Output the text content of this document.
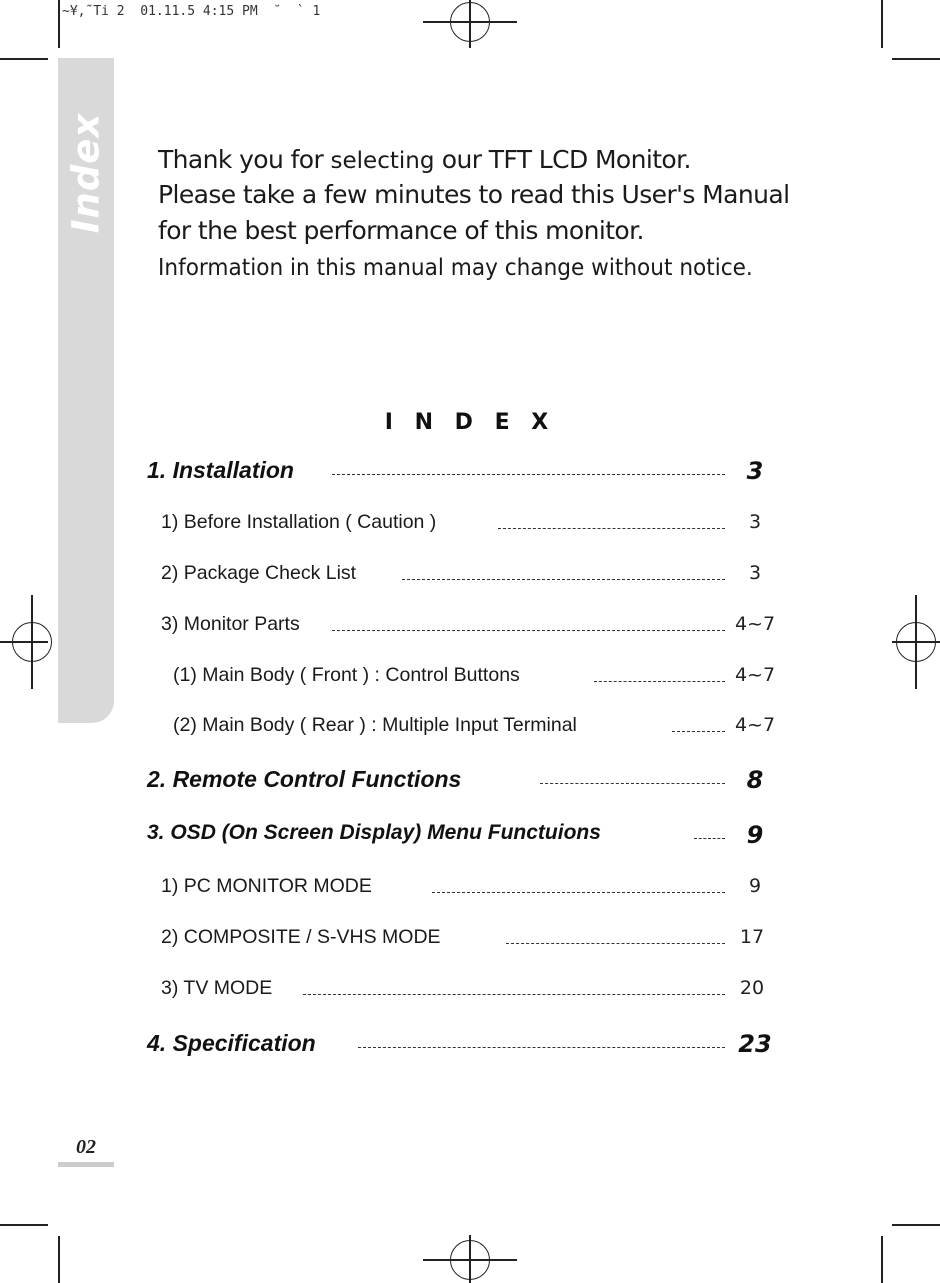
~¥‚˜Ti 2  01.11.5 4:15 PM  ˘  ` 1
Index Thank you for selecting our TFT LCD Monitor.
Please take a few minutes to read this User's Manual
for the best performance of this monitor.
Information in this manual may change without notice.
I N D E X
1. Installation	3
1) Before Installation ( Caution )	3
2) Package Check List	3
3) Monitor Parts	4~7
(1) Main Body ( Front ) : Control Buttons	4~7
(2) Main Body ( Rear ) : Multiple Input Terminal	4~7
2. Remote Control Functions	8
3. OSD (On Screen Display) Menu Functuions	9
1) PC MONITOR MODE	9
2) COMPOSITE / S-VHS MODE	17
3) TV MODE	20
4. Specification	23
02
